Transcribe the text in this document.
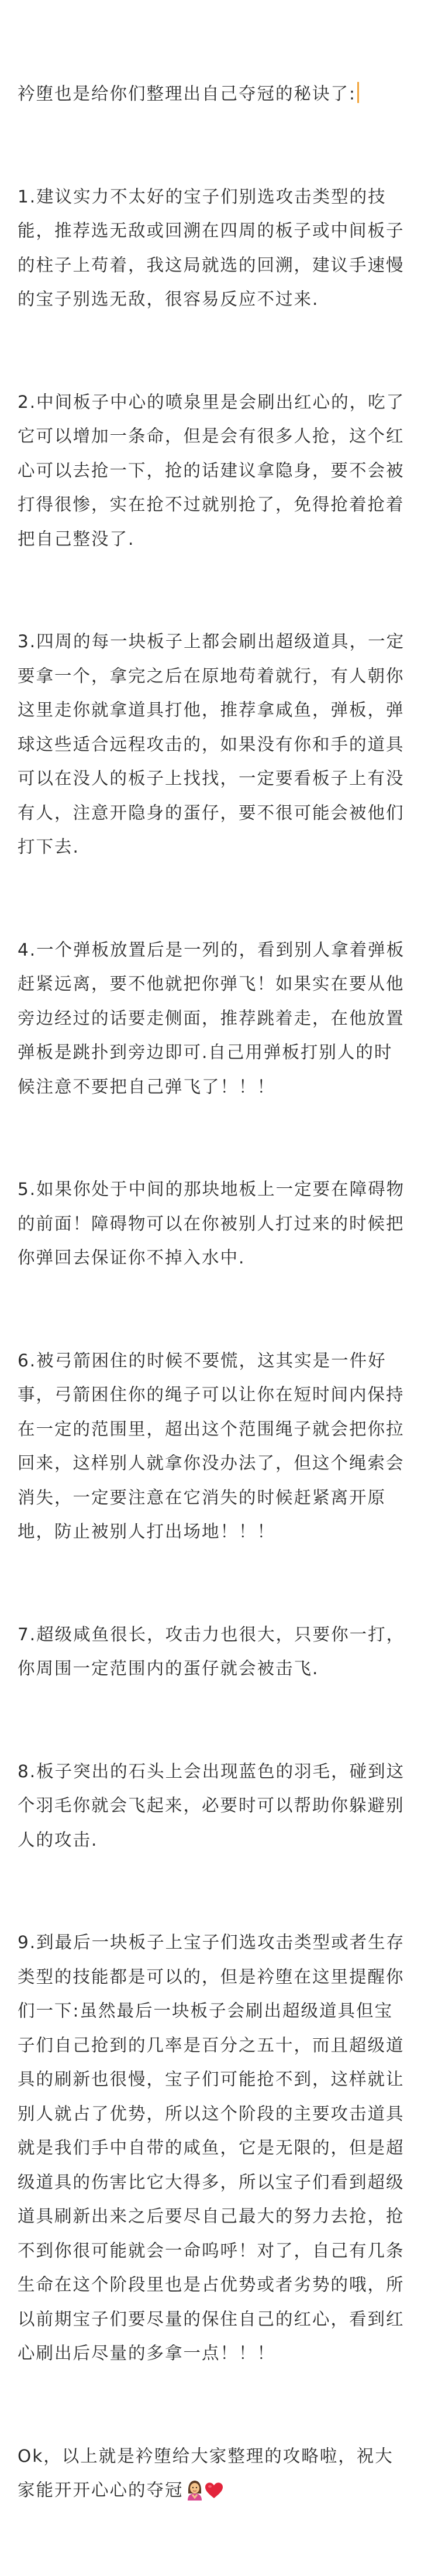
衿堕也是给你们整理出自己夺冠的秘诀了:

1.建议实力不太好的宝子们别选攻击类型的技能，推荐选无敌或回溯在四周的板子或中间板子的柱子上苟着，我这局就选的回溯，建议手速慢的宝子别选无敌，很容易反应不过来.

2.中间板子中心的喷泉里是会刷出红心的，吃了它可以增加一条命，但是会有很多人抢，这个红心可以去抢一下，抢的话建议拿隐身，要不会被打得很惨，实在抢不过就别抢了，免得抢着抢着把自己整没了.

3.四周的每一块板子上都会刷出超级道具，一定要拿一个，拿完之后在原地苟着就行，有人朝你这里走你就拿道具打他，推荐拿咸鱼，弹板，弹球这些适合远程攻击的，如果没有你和手的道具可以在没人的板子上找找，一定要看板子上有没有人，注意开隐身的蛋仔，要不很可能会被他们打下去.

4.一个弹板放置后是一列的，看到别人拿着弹板赶紧远离，要不他就把你弹飞！如果实在要从他旁边经过的话要走侧面，推荐跳着走，在他放置弹板是跳扑到旁边即可.自己用弹板打别人的时候注意不要把自己弹飞了！！！

5.如果你处于中间的那块地板上一定要在障碍物的前面！障碍物可以在你被别人打过来的时候把你弹回去保证你不掉入水中.

6.被弓箭困住的时候不要慌，这其实是一件好事，弓箭困住你的绳子可以让你在短时间内保持在一定的范围里，超出这个范围绳子就会把你拉回来，这样别人就拿你没办法了，但这个绳索会消失，一定要注意在它消失的时候赶紧离开原地，防止被别人打出场地！！！

7.超级咸鱼很长，攻击力也很大，只要你一打，你周围一定范围内的蛋仔就会被击飞.

8.板子突出的石头上会出现蓝色的羽毛，碰到这个羽毛你就会飞起来，必要时可以帮助你躲避别人的攻击.

9.到最后一块板子上宝子们选攻击类型或者生存类型的技能都是可以的，但是衿堕在这里提醒你们一下:虽然最后一块板子会刷出超级道具但宝子们自己抢到的几率是百分之五十，而且超级道具的刷新也很慢，宝子们可能抢不到，这样就让别人就占了优势，所以这个阶段的主要攻击道具就是我们手中自带的咸鱼，它是无限的，但是超级道具的伤害比它大得多，所以宝子们看到超级道具刷新出来之后要尽自己最大的努力去抢，抢不到你很可能就会一命呜呼！对了，自己有几条生命在这个阶段里也是占优势或者劣势的哦，所以前期宝子们要尽量的保住自己的红心，看到红心刷出后尽量的多拿一点！！！

Ok，以上就是衿堕给大家整理的攻略啦，祝大家能开开心心的夺冠
